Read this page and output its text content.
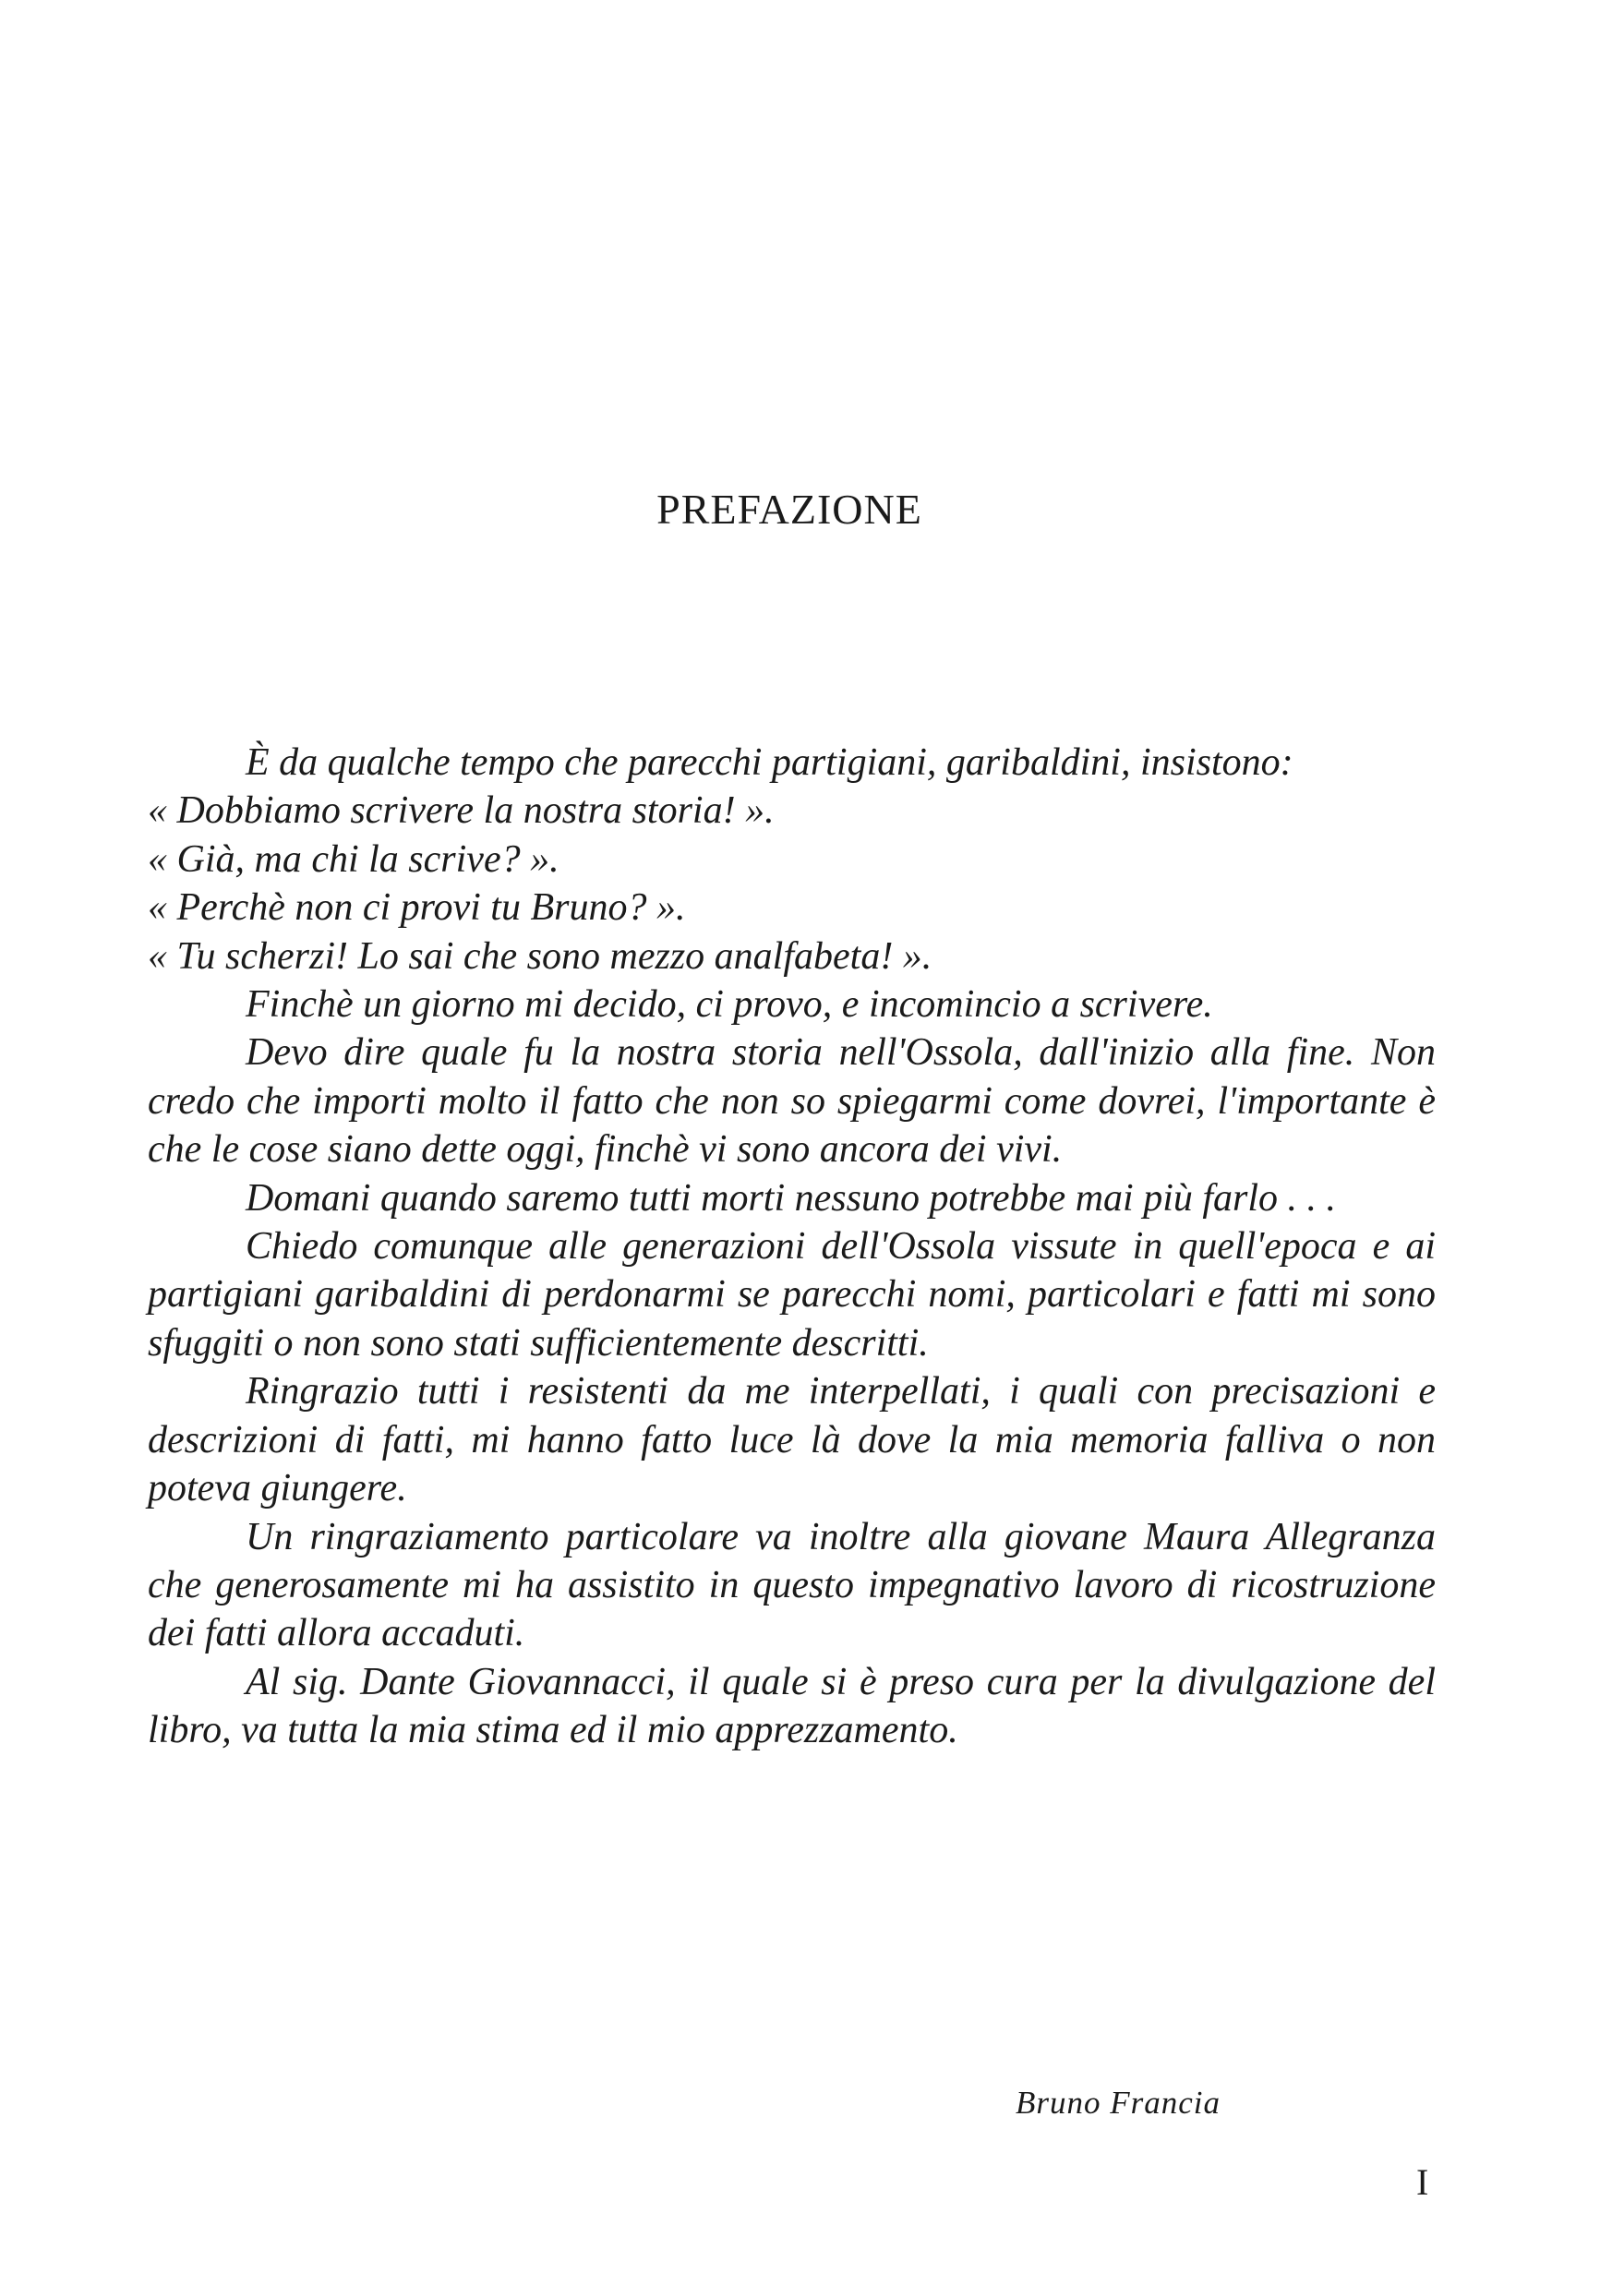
PREFAZIONE

È da qualche tempo che parecchi partigiani, garibaldini, insistono:

« Dobbiamo scrivere la nostra storia! ».

« Già, ma chi la scrive? ».

« Perchè non ci provi tu Bruno? ».

« Tu scherzi! Lo sai che sono mezzo analfabeta! ».

Finchè un giorno mi decido, ci provo, e incomincio a scrivere.

Devo dire quale fu la nostra storia nell'Ossola, dall'inizio alla fine. Non credo che importi molto il fatto che non so spiegarmi come dovrei, l'importante è che le cose siano dette oggi, finchè vi sono ancora dei vivi.

Domani quando saremo tutti morti nessuno potrebbe mai più farlo . . .

Chiedo comunque alle generazioni dell'Ossola vissute in quell'epoca e ai partigiani garibaldini di perdonarmi se parecchi nomi, particolari e fatti mi sono sfuggiti o non sono stati sufficientemente descritti.

Ringrazio tutti i resistenti da me interpellati, i quali con precisazioni e descrizioni di fatti, mi hanno fatto luce là dove la mia memoria falliva o non poteva giungere.

Un ringraziamento particolare va inoltre alla giovane Maura Allegranza che generosamente mi ha assistito in questo impegnativo lavoro di ricostruzione dei fatti allora accaduti.

Al sig. Dante Giovannacci, il quale si è preso cura per la divulgazione del libro, va tutta la mia stima ed il mio apprezzamento.

Bruno Francia
I
